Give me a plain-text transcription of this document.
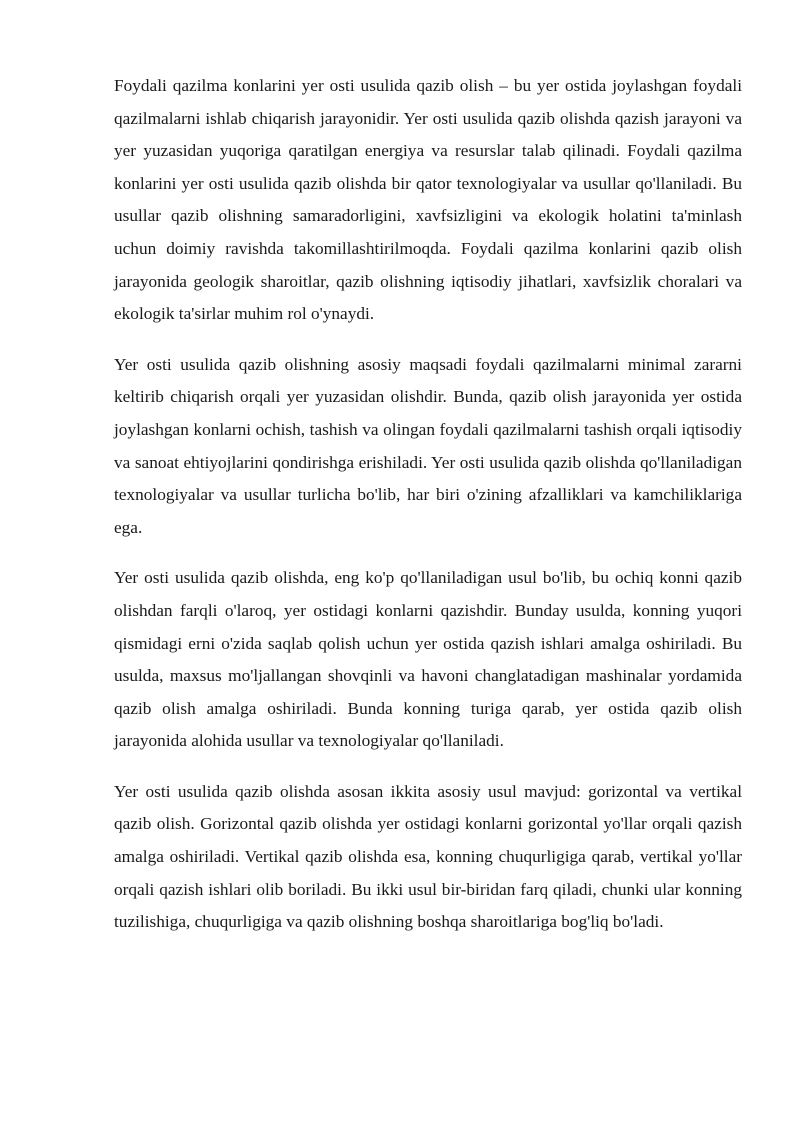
Foydali qazilma konlarini yer osti usulida qazib olish – bu yer ostida joylashgan foydali qazilmalarni ishlab chiqarish jarayonidir. Yer osti usulida qazib olishda qazish jarayoni va yer yuzasidan yuqoriga qaratilgan energiya va resurslar talab qilinadi. Foydali qazilma konlarini yer osti usulida qazib olishda bir qator texnologiyalar va usullar qo'llaniladi. Bu usullar qazib olishning samaradorligini, xavfsizligini va ekologik holatini ta'minlash uchun doimiy ravishda takomillashtirilmoqda. Foydali qazilma konlarini qazib olish jarayonida geologik sharoitlar, qazib olishning iqtisodiy jihatlari, xavfsizlik choralari va ekologik ta'sirlar muhim rol o'ynaydi.

Yer osti usulida qazib olishning asosiy maqsadi foydali qazilmalarni minimal zararni keltirib chiqarish orqali yer yuzasidan olishdir. Bunda, qazib olish jarayonida yer ostida joylashgan konlarni ochish, tashish va olingan foydali qazilmalarni tashish orqali iqtisodiy va sanoat ehtiyojlarini qondirishga erishiladi. Yer osti usulida qazib olishda qo'llaniladigan texnologiyalar va usullar turlicha bo'lib, har biri o'zining afzalliklari va kamchiliklariga ega.

Yer osti usulida qazib olishda, eng ko'p qo'llaniladigan usul bo'lib, bu ochiq konni qazib olishdan farqli o'laroq, yer ostidagi konlarni qazishdir. Bunday usulda, konning yuqori qismidagi erni o'zida saqlab qolish uchun yer ostida qazish ishlari amalga oshiriladi. Bu usulda, maxsus mo'ljallangan shovqinli va havoni changlatadigan mashinalar yordamida qazib olish amalga oshiriladi. Bunda konning turiga qarab, yer ostida qazib olish jarayonida alohida usullar va texnologiyalar qo'llaniladi.

Yer osti usulida qazib olishda asosan ikkita asosiy usul mavjud: gorizontal va vertikal qazib olish. Gorizontal qazib olishda yer ostidagi konlarni gorizontal yo'llar orqali qazish amalga oshiriladi. Vertikal qazib olishda esa, konning chuqurligiga qarab, vertikal yo'llar orqali qazish ishlari olib boriladi. Bu ikki usul bir-biridan farq qiladi, chunki ular konning tuzilishiga, chuqurligiga va qazib olishning boshqa sharoitlariga bog'liq bo'ladi.
